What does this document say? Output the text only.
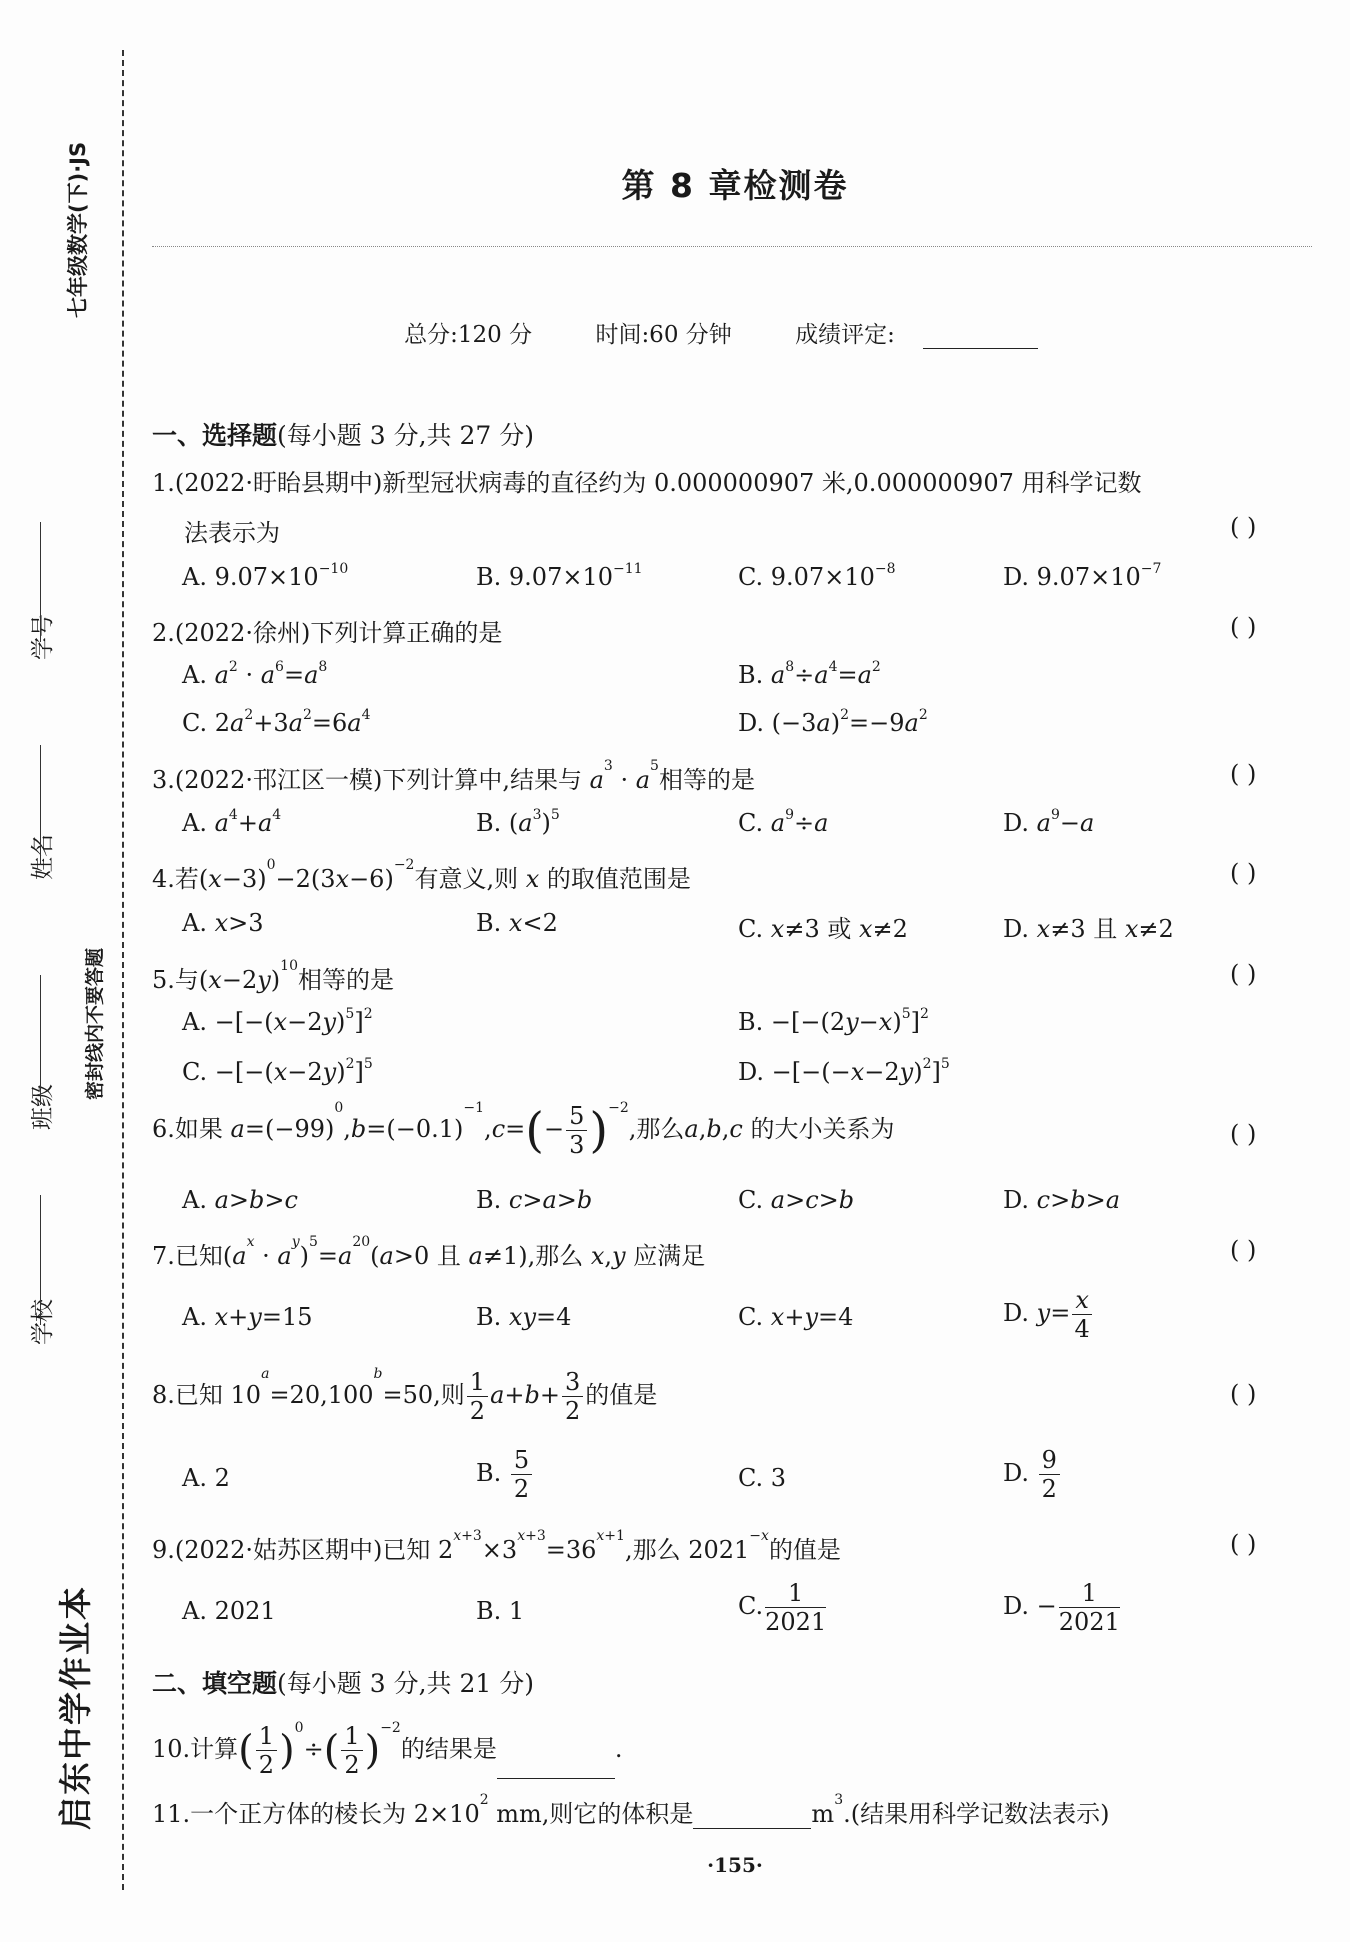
七年级数学(下)·JS
密封线内不要答题
学号
姓名
班级
学校
启东中学作业本
第 8 章检测卷
总分:120 分	时间:60 分钟	成绩评定:
一、选择题(每小题 3 分,共 27 分)
1.(2022·盱眙县期中)新型冠状病毒的直径约为 0.000000907 米,0.000000907 用科学记数
法表示为	( )
A. $9.07\times 10^{-10}$	B. $9.07\times 10^{-11}$	C. $9.07\times 10^{-8}$	D. $9.07\times 10^{-7}$
2.(2022·徐州)下列计算正确的是	( )
A. $a^2 \cdot a^6=a^8$	B. $a^8\div a^4=a^2$
C. $2a^2+3a^2=6a^4$	D. $(-3a)^2=-9a^2$
3.(2022·邗江区一模)下列计算中,结果与 $a^3 \cdot a^5$相等的是	( )
A. $a^4+a^4$	B. $(a^3)^5$	C. $a^9\div a$	D. $a^9-a$
4.若$(x-3)^0-2(3x-6)^{-2}$有意义,则 x 的取值范围是	( )
A. x>3	B. x<2	C. x≠3 或 x≠2	D. x≠3 且 x≠2
5.与$(x-2y)^{10}$相等的是	( )
A. $-[-(x-2y)^5]^2$	B. $-[-(2y-x)^5]^2$
C. $-[-(x-2y)^2]^5$	D. $-[-(-x-2y)^2]^5$
6.如果 $a=(-99)^0,b=(-0.1)^{-1},c=(- \frac{5}{3} )^{-2}$,那么a,b,c 的大小关系为	( )
A. a>b>c	B. c>a>b	C. a>c>b	D. c>b>a
7.已知$(a^x \cdot a^y)^5=a^{20}(a>0$ 且 a≠1),那么 x,y 应满足	( )
A. x+y=15	B. xy=4	C. x+y=4	D. $y= \frac{x}{4}$
8.已知 $10^a=20,100^b=50$,则 $\frac{1}{2} a+b+ \frac{3}{2}$ 的值是	( )
A. 2	B. $\frac{5}{2}$	C. 3	D. $\frac{9}{2}$
9.(2022·姑苏区期中)已知 $2^{x+3}\times 3^{x+3}=36^{x+1}$,那么 $2021^{-x}$的值是	( )
A. 2021	B. 1	C. $\frac{1}{2021}$	D. − $\frac{1}{2021}$
二、填空题(每小题 3 分,共 21 分)
10.计算( $\frac{1}{2} )^0\div( \frac{1}{2} )^{-2}$的结果是	.
11.一个正方体的棱长为 $2\times 10^2$ mm,则它的体积是	$m^3$.(结果用科学记数法表示)
·155·
